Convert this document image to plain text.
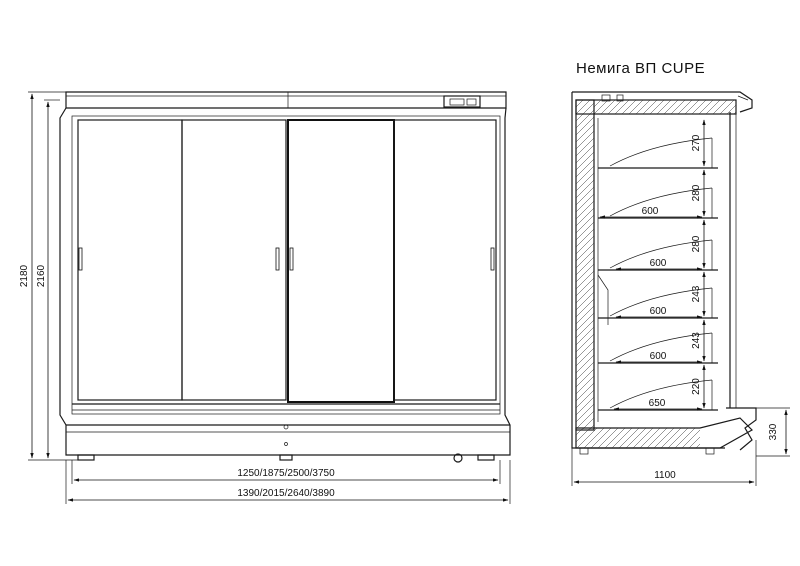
2180 2160
1250/1875/2500/3750
1390/2015/2640/3890
Немига ВП CUPE
270
280
280
243
243
220
600
600
600
600
650
330
1100
